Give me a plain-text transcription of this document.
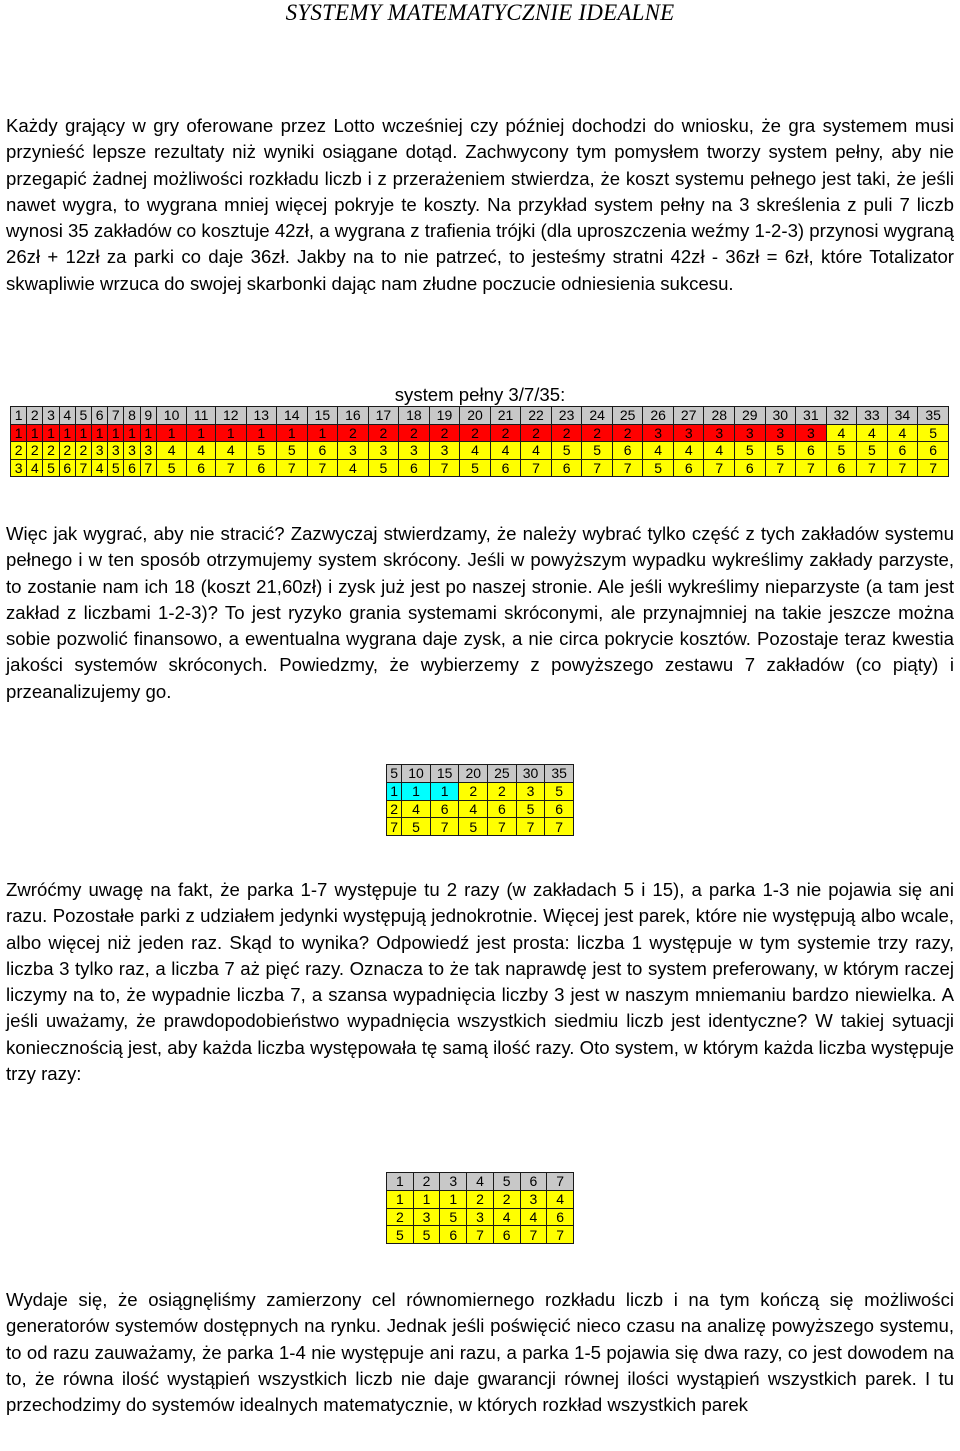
SYSTEMY MATEMATYCZNIE IDEALNE

Każdy grający w gry oferowane przez Lotto wcześniej czy później dochodzi do wniosku, że gra systemem musi przynieść lepsze rezultaty niż wyniki osiągane dotąd. Zachwycony tym pomysłem tworzy system pełny, aby nie przegapić żadnej możliwości rozkładu liczb i z przerażeniem stwierdza, że koszt systemu pełnego jest taki, że jeśli nawet wygra, to wygrana mniej więcej pokryje te koszty. Na przykład system pełny na 3 skreślenia z puli 7 liczb wynosi 35 zakładów co kosztuje 42zł, a wygrana z trafienia trójki (dla uproszczenia weźmy 1-2-3) przynosi wygraną 26zł + 12zł za parki co daje 36zł. Jakby na to nie patrzeć, to jesteśmy stratni 42zł - 36zł = 6zł, które Totalizator skwapliwie wrzuca do swojej skarbonki dając nam złudne poczucie odniesienia sukcesu.

system pełny 3/7/35:
1	2	3	4	5	6	7	8	9	10	11	12	13	14	15	16	17	18	19	20	21	22	23	24	25	26	27	28	29	30	31	32	33	34	35
1	1	1	1	1	1	1	1	1	1	1	1	1	1	1	2	2	2	2	2	2	2	2	2	2	3	3	3	3	3	3	4	4	4	5
2	2	2	2	2	3	3	3	3	4	4	4	5	5	6	3	3	3	3	4	4	4	5	5	6	4	4	4	5	5	6	5	5	6	6
3	4	5	6	7	4	5	6	7	5	6	7	6	7	7	4	5	6	7	5	6	7	6	7	7	5	6	7	6	7	7	6	7	7	7

Więc jak wygrać, aby nie stracić? Zazwyczaj stwierdzamy, że należy wybrać tylko część z tych zakładów systemu pełnego i w ten sposób otrzymujemy system skrócony. Jeśli w powyższym wypadku wykreślimy zakłady parzyste, to zostanie nam ich 18 (koszt 21,60zł) i zysk już jest po naszej stronie. Ale jeśli wykreślimy nieparzyste (a tam jest zakład z liczbami 1-2-3)? To jest ryzyko grania systemami skróconymi, ale przynajmniej na takie jeszcze można sobie pozwolić finansowo, a ewentualna wygrana daje zysk, a nie circa pokrycie kosztów. Pozostaje teraz kwestia jakości systemów skróconych. Powiedzmy, że wybierzemy z powyższego zestawu 7 zakładów (co piąty) i przeanalizujemy go.

5	10	15	20	25	30	35
1	1	1	2	2	3	5
2	4	6	4	6	5	6
7	5	7	5	7	7	7

Zwróćmy uwagę na fakt, że parka 1-7 występuje tu 2 razy (w zakładach 5 i 15), a parka 1-3 nie pojawia się ani razu. Pozostałe parki z udziałem jedynki występują jednokrotnie. Więcej jest parek, które nie występują albo wcale, albo więcej niż jeden raz. Skąd to wynika? Odpowiedź jest prosta: liczba 1 występuje w tym systemie trzy razy, liczba 3 tylko raz, a liczba 7 aż pięć razy. Oznacza to że tak naprawdę jest to system preferowany, w którym raczej liczymy na to, że wypadnie liczba 7, a szansa wypadnięcia liczby 3 jest w naszym mniemaniu bardzo niewielka. A jeśli uważamy, że prawdopodobieństwo wypadnięcia wszystkich siedmiu liczb jest identyczne? W takiej sytuacji koniecznością jest, aby każda liczba występowała tę samą ilość razy. Oto system, w którym każda liczba występuje trzy razy:

1	2	3	4	5	6	7
1	1	1	2	2	3	4
2	3	5	3	4	4	6
5	5	6	7	6	7	7

Wydaje się, że osiągnęliśmy zamierzony cel równomiernego rozkładu liczb i na tym kończą się możliwości generatorów systemów dostępnych na rynku. Jednak jeśli poświęcić nieco czasu na analizę powyższego systemu, to od razu zauważamy, że parka 1-4 nie występuje ani razu, a parka 1-5 pojawia się dwa razy, co jest dowodem na to, że równa ilość wystąpień wszystkich liczb nie daje gwarancji równej ilości wystąpień wszystkich parek. I tu przechodzimy do systemów idealnych matematycznie, w których rozkład wszystkich parek
